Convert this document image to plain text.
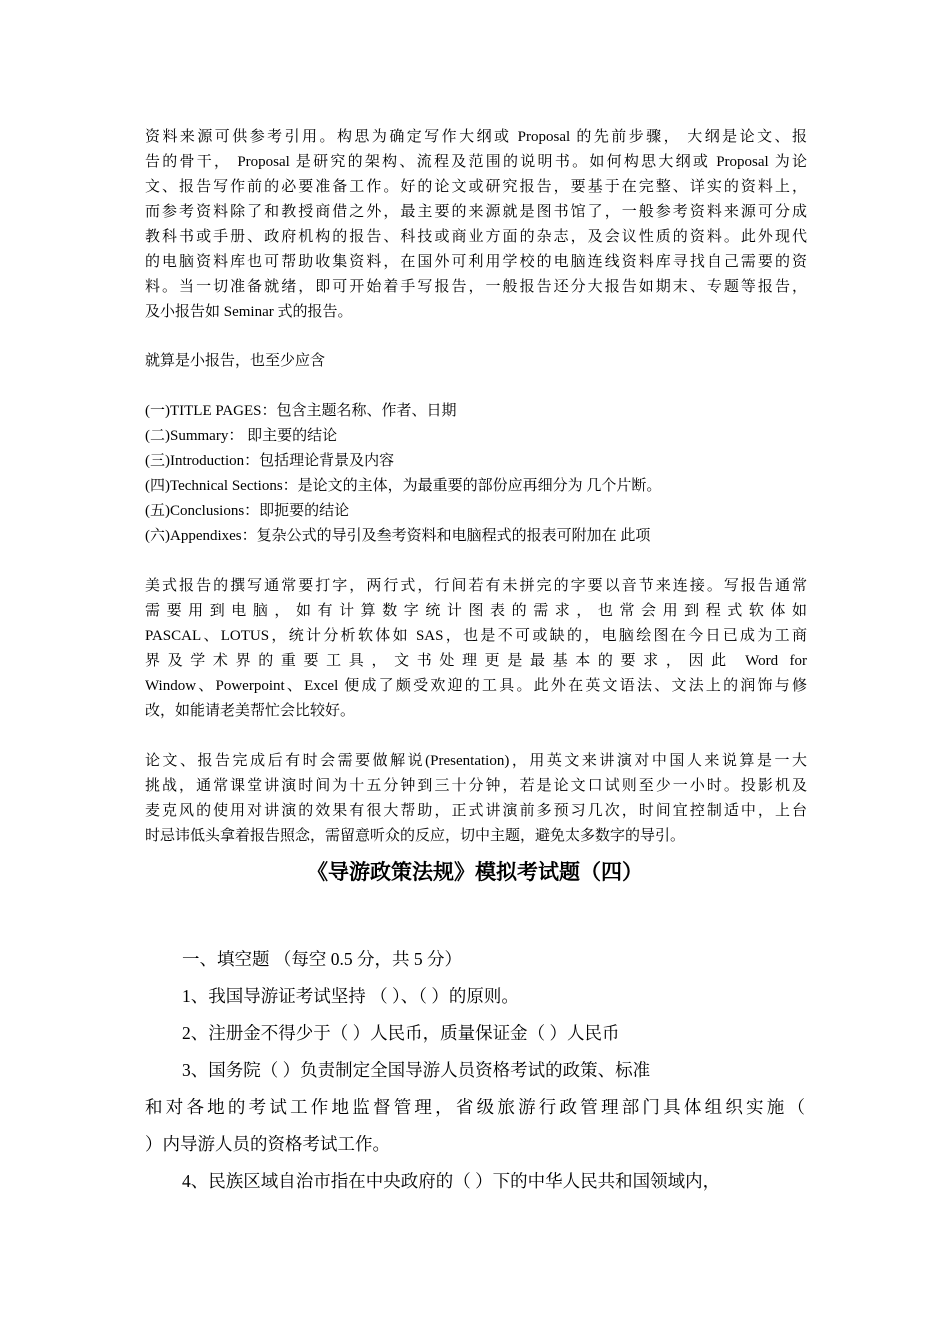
资料来源可供参考引用。构思为确定写作大纲或 Proposal 的先前步骤， 大纲是论文、报
告的骨干， Proposal 是研究的架构、流程及范围的说明书。如何构思大纲或 Proposal 为论
文、报告写作前的必要准备工作。好的论文或研究报告，要基于在完整、详实的资料上，
而参考资料除了和教授商借之外，最主要的来源就是图书馆了，一般参考资料来源可分成
教科书或手册、政府机构的报告、科技或商业方面的杂志，及会议性质的资料。此外现代
的电脑资料库也可帮助收集资料，在国外可利用学校的电脑连线资料库寻找自己需要的资
料。当一切准备就绪，即可开始着手写报告，一般报告还分大报告如期末、专题等报告，
及小报告如 Seminar 式的报告。
就算是小报告，也至少应含
(一)TITLE PAGES：包含主题名称、作者、日期
(二)Summary： 即主要的结论
(三)Introduction：包括理论背景及内容
(四)Technical Sections：是论文的主体，为最重要的部份应再细分为 几个片断。
(五)Conclusions：即扼要的结论
(六)Appendixes：复杂公式的导引及叁考资料和电脑程式的报表可附加在 此项
美式报告的撰写通常要打字，两行式，行间若有未拼完的字要以音节来连接。写报告通常
需要用到电脑，如有计算数字统计图表的需求，也常会用到程式软体如
PASCAL、LOTUS，统计分析软体如 SAS，也是不可或缺的，电脑绘图在今日已成为工商
界及学术界的重要工具，文书处理更是最基本的要求，因此 Word for
Window、Powerpoint、Excel 便成了颇受欢迎的工具。此外在英文语法、文法上的润饰与修
改，如能请老美帮忙会比较好。
论文、报告完成后有时会需要做解说(Presentation)，用英文来讲演对中国人来说算是一大
挑战，通常课堂讲演时间为十五分钟到三十分钟，若是论文口试则至少一小时。投影机及
麦克风的使用对讲演的效果有很大帮助，正式讲演前多预习几次，时间宜控制适中，上台
时忌讳低头拿着报告照念，需留意听众的反应，切中主题，避免太多数字的导引。
《导游政策法规》模拟考试题（四）
一、填空题 （每空 0.5 分，共 5 分）
1、我国导游证考试坚持 （ ）、（ ）的原则。
2、注册金不得少于（ ）人民币，质量保证金（ ）人民币
3、国务院（ ）负责制定全国导游人员资格考试的政策、标准
和对各地的考试工作地监督管理，省级旅游行政管理部门具体组织实施（
）内导游人员的资格考试工作。
4、民族区域自治市指在中央政府的（ ）下的中华人民共和国领域内，
